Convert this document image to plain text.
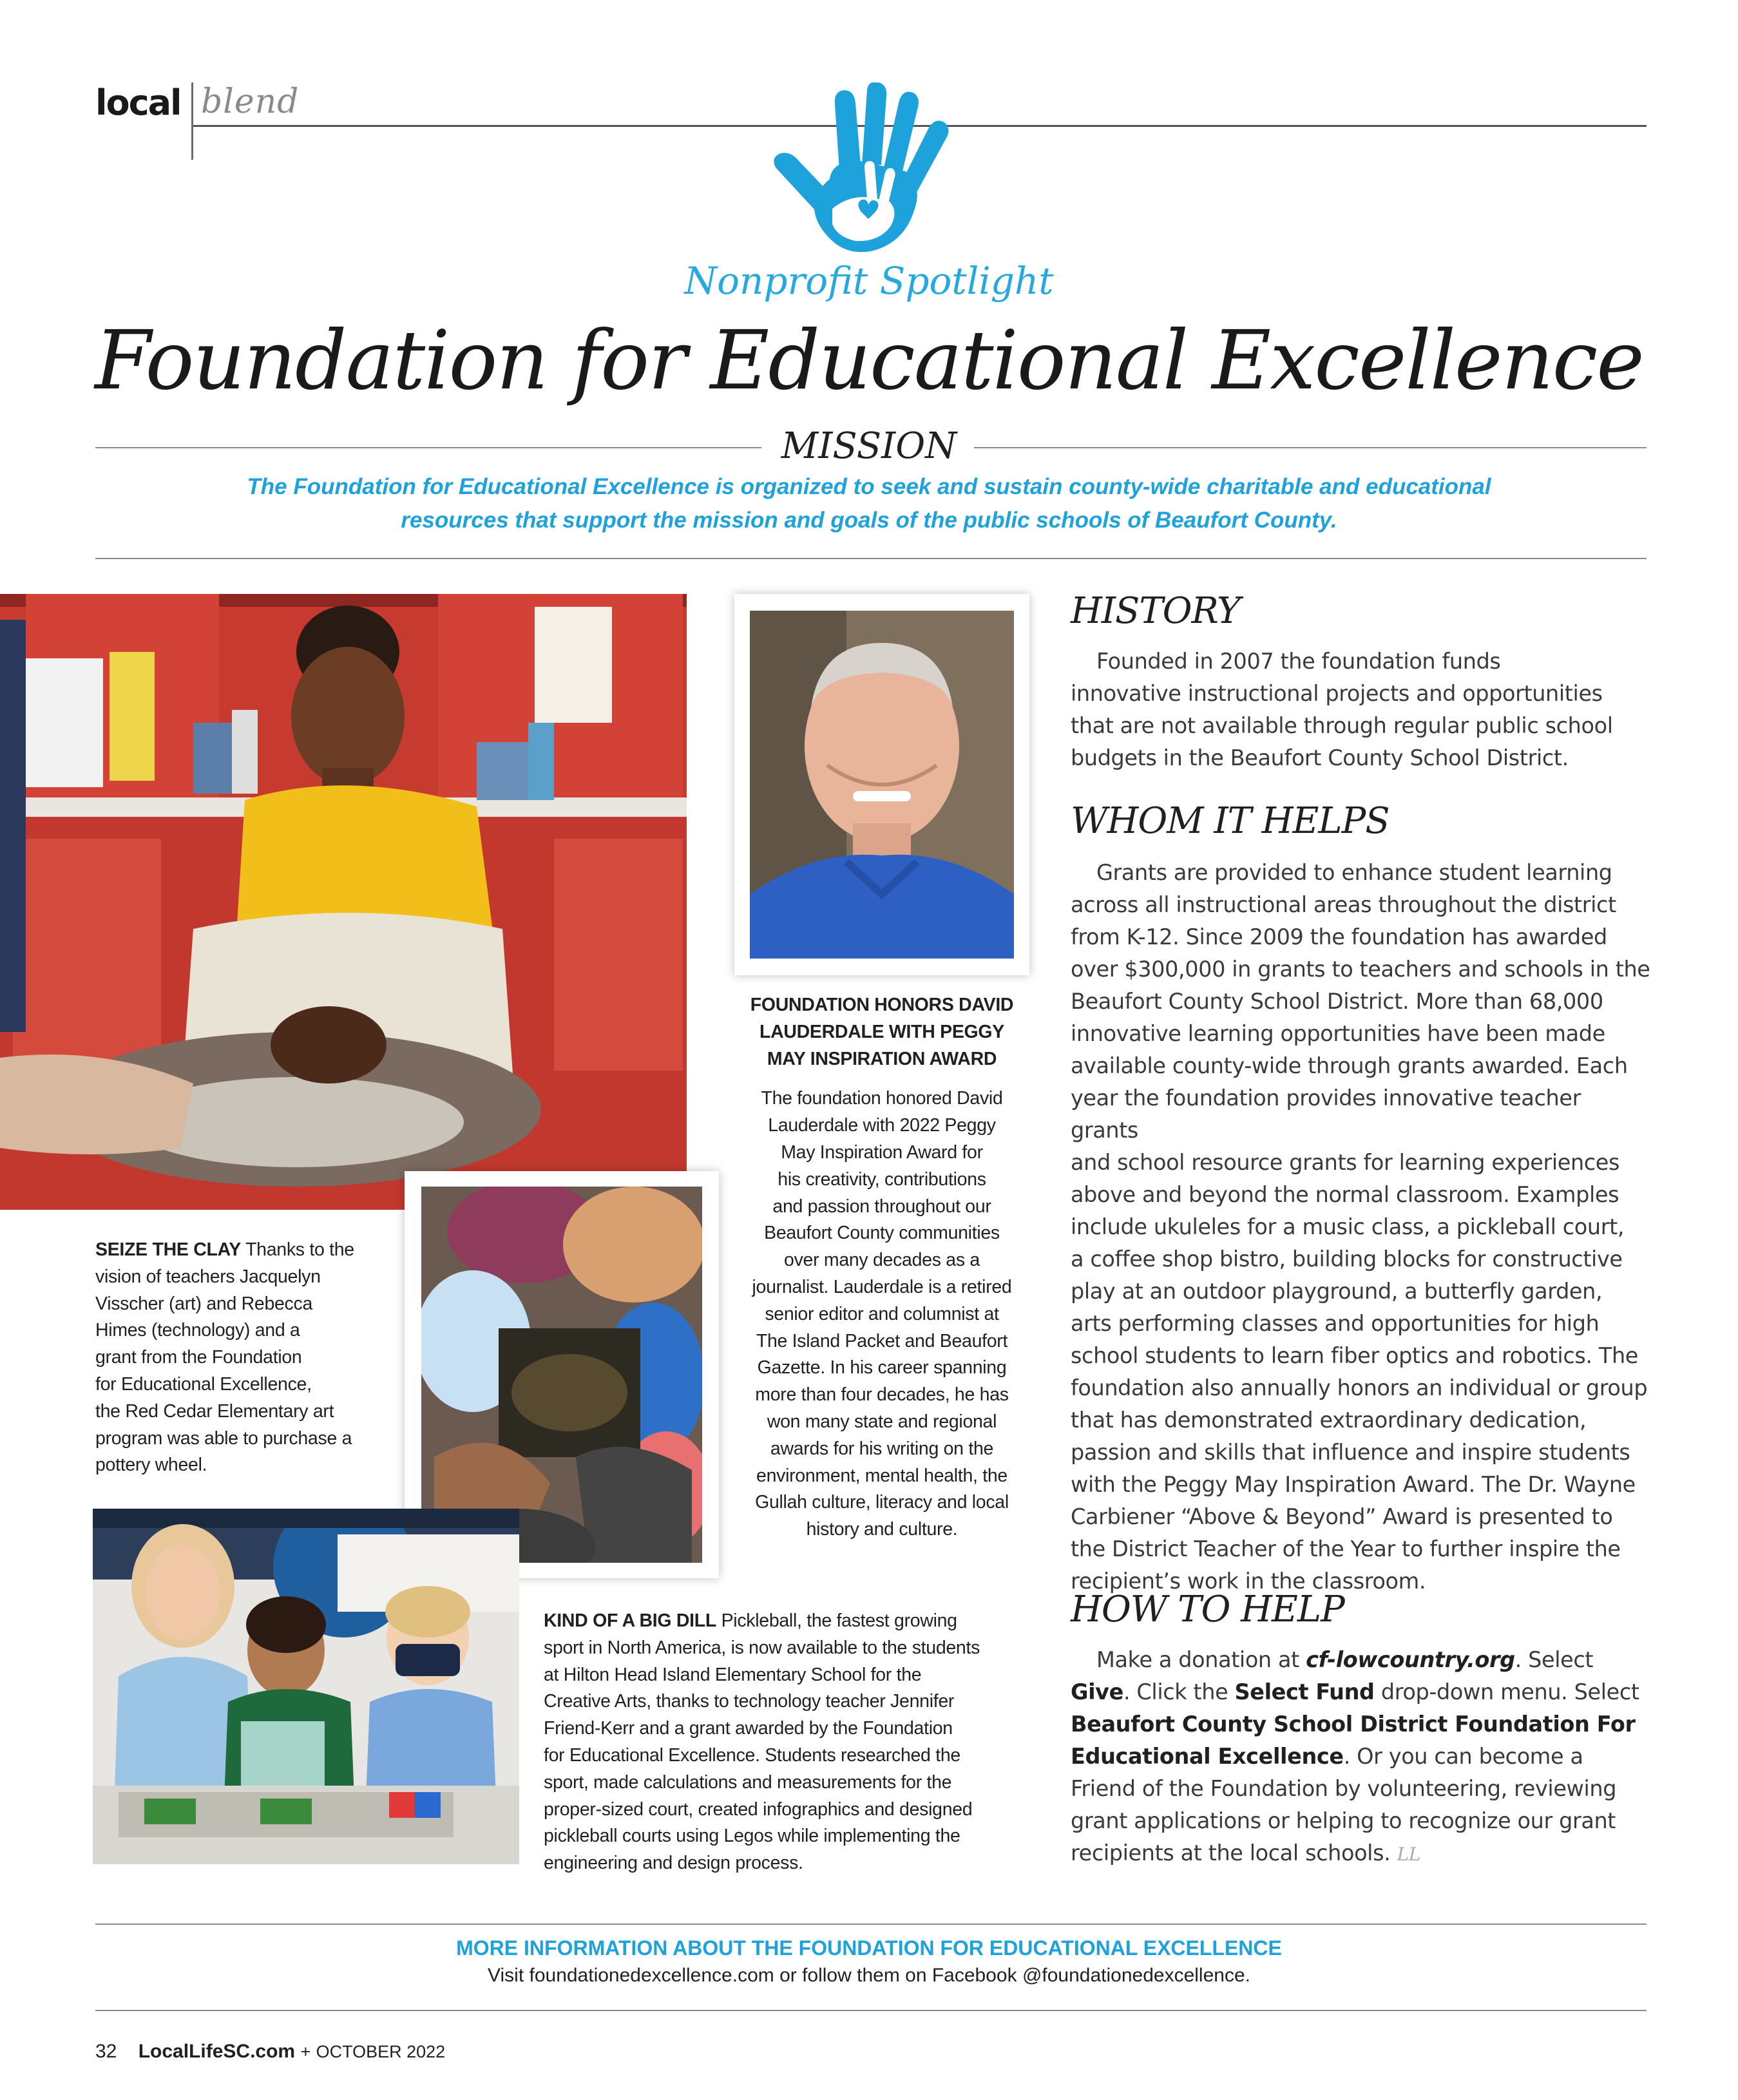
local blend
Nonprofit Spotlight
Foundation for Educational Excellence
MISSION
The Foundation for Educational Excellence is organized to seek and sustain county-wide charitable and educational
resources that support the mission and goals of the public schools of Beaufort County.
SEIZE THE CLAY Thanks to the
vision of teachers Jacquelyn
Visscher (art) and Rebecca
Himes (technology) and a
grant from the Foundation
for Educational Excellence,
the Red Cedar Elementary art
program was able to purchase a
pottery wheel.
FOUNDATION HONORS DAVID
LAUDERDALE WITH PEGGY
MAY INSPIRATION AWARD
The foundation honored David
Lauderdale with 2022 Peggy
May Inspiration Award for
his creativity, contributions
and passion throughout our
Beaufort County communities
over many decades as a
journalist. Lauderdale is a retired
senior editor and columnist at
The Island Packet and Beaufort
Gazette. In his career spanning
more than four decades, he has
won many state and regional
awards for his writing on the
environment, mental health, the
Gullah culture, literacy and local
history and culture.
KIND OF A BIG DILL Pickleball, the fastest growing
sport in North America, is now available to the students
at Hilton Head Island Elementary School for the
Creative Arts, thanks to technology teacher Jennifer
Friend-Kerr and a grant awarded by the Foundation
for Educational Excellence. Students researched the
sport, made calculations and measurements for the
proper-sized court, created infographics and designed
pickleball courts using Legos while implementing the
engineering and design process.
HISTORY
Founded in 2007 the foundation funds
innovative instructional projects and opportunities
that are not available through regular public school
budgets in the Beaufort County School District.
WHOM IT HELPS
Grants are provided to enhance student learning
across all instructional areas throughout the district
from K-12. Since 2009 the foundation has awarded
over $300,000 in grants to teachers and schools in the
Beaufort County School District. More than 68,000
innovative learning opportunities have been made
available county-wide through grants awarded. Each
year the foundation provides innovative teacher grants
and school resource grants for learning experiences
above and beyond the normal classroom. Examples
include ukuleles for a music class, a pickleball court,
a coffee shop bistro, building blocks for constructive
play at an outdoor playground, a butterfly garden,
arts performing classes and opportunities for high
school students to learn fiber optics and robotics. The
foundation also annually honors an individual or group
that has demonstrated extraordinary dedication,
passion and skills that influence and inspire students
with the Peggy May Inspiration Award. The Dr. Wayne
Carbiener “Above & Beyond” Award is presented to
the District Teacher of the Year to further inspire the
recipient’s work in the classroom.
HOW TO HELP
Make a donation at cf-lowcountry.org. Select
Give. Click the Select Fund drop-down menu. Select
Beaufort County School District Foundation For
Educational Excellence. Or you can become a
Friend of the Foundation by volunteering, reviewing
grant applications or helping to recognize our grant
recipients at the local schools. LL
MORE INFORMATION ABOUT THE FOUNDATION FOR EDUCATIONAL EXCELLENCE
Visit foundationedexcellence.com or follow them on Facebook @foundationedexcellence.
32 LocalLifeSC.com + OCTOBER 2022
